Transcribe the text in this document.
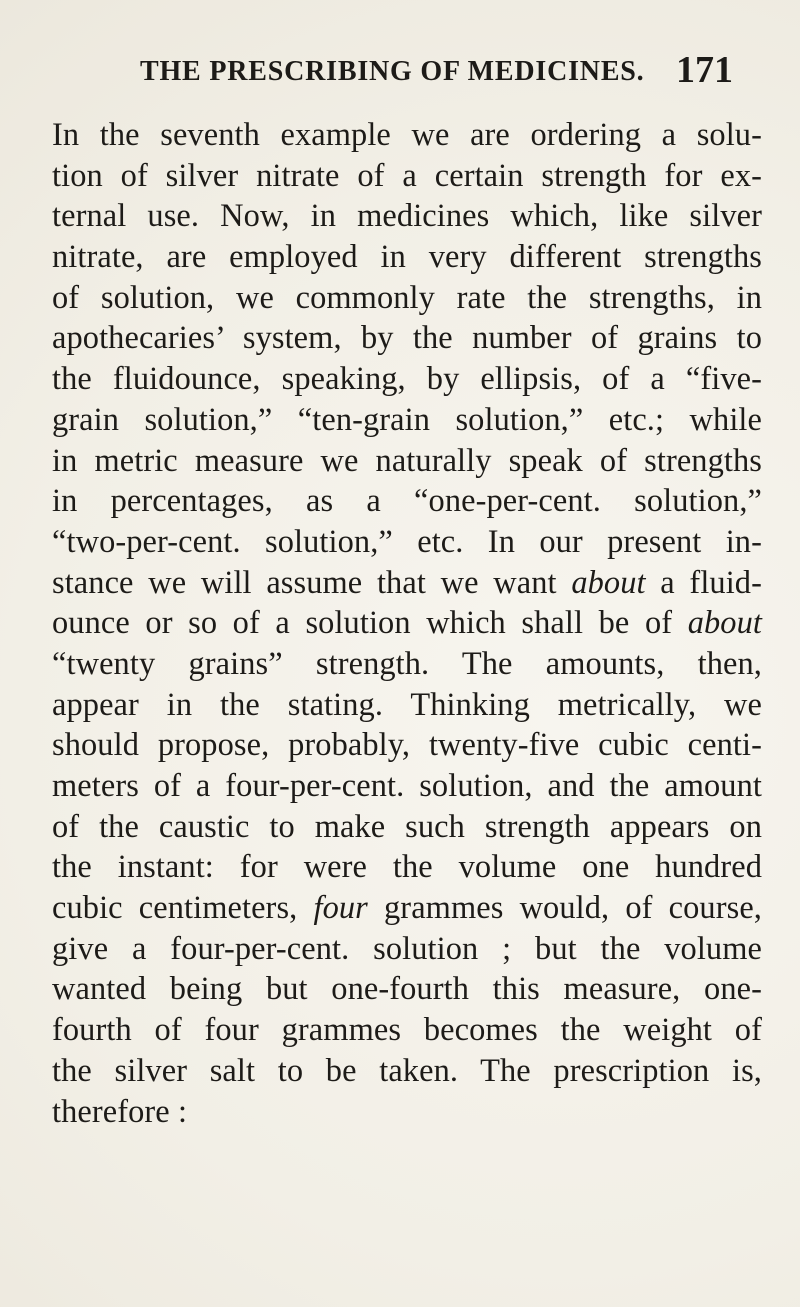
THE PRESCRIBING OF MEDICINES. 171
In the seventh example we are ordering a solu-
tion of silver nitrate of a certain strength for ex-
ternal use. Now, in medicines which, like silver
nitrate, are employed in very different strengths
of solution, we commonly rate the strengths, in
apothecaries’ system, by the number of grains to
the fluidounce, speaking, by ellipsis, of a “five-
grain solution,” “ten-grain solution,” etc.; while
in metric measure we naturally speak of strengths
in percentages, as a “one-per-cent. solution,”
“two-per-cent. solution,” etc. In our present in-
stance we will assume that we want about a fluid-
ounce or so of a solution which shall be of about
“twenty grains” strength. The amounts, then,
appear in the stating. Thinking metrically, we
should propose, probably, twenty-five cubic centi-
meters of a four-per-cent. solution, and the amount
of the caustic to make such strength appears on
the instant: for were the volume one hundred
cubic centimeters, four grammes would, of course,
give a four-per-cent. solution ; but the volume
wanted being but one-fourth this measure, one-
fourth of four grammes becomes the weight of
the silver salt to be taken. The prescription is,
therefore :
